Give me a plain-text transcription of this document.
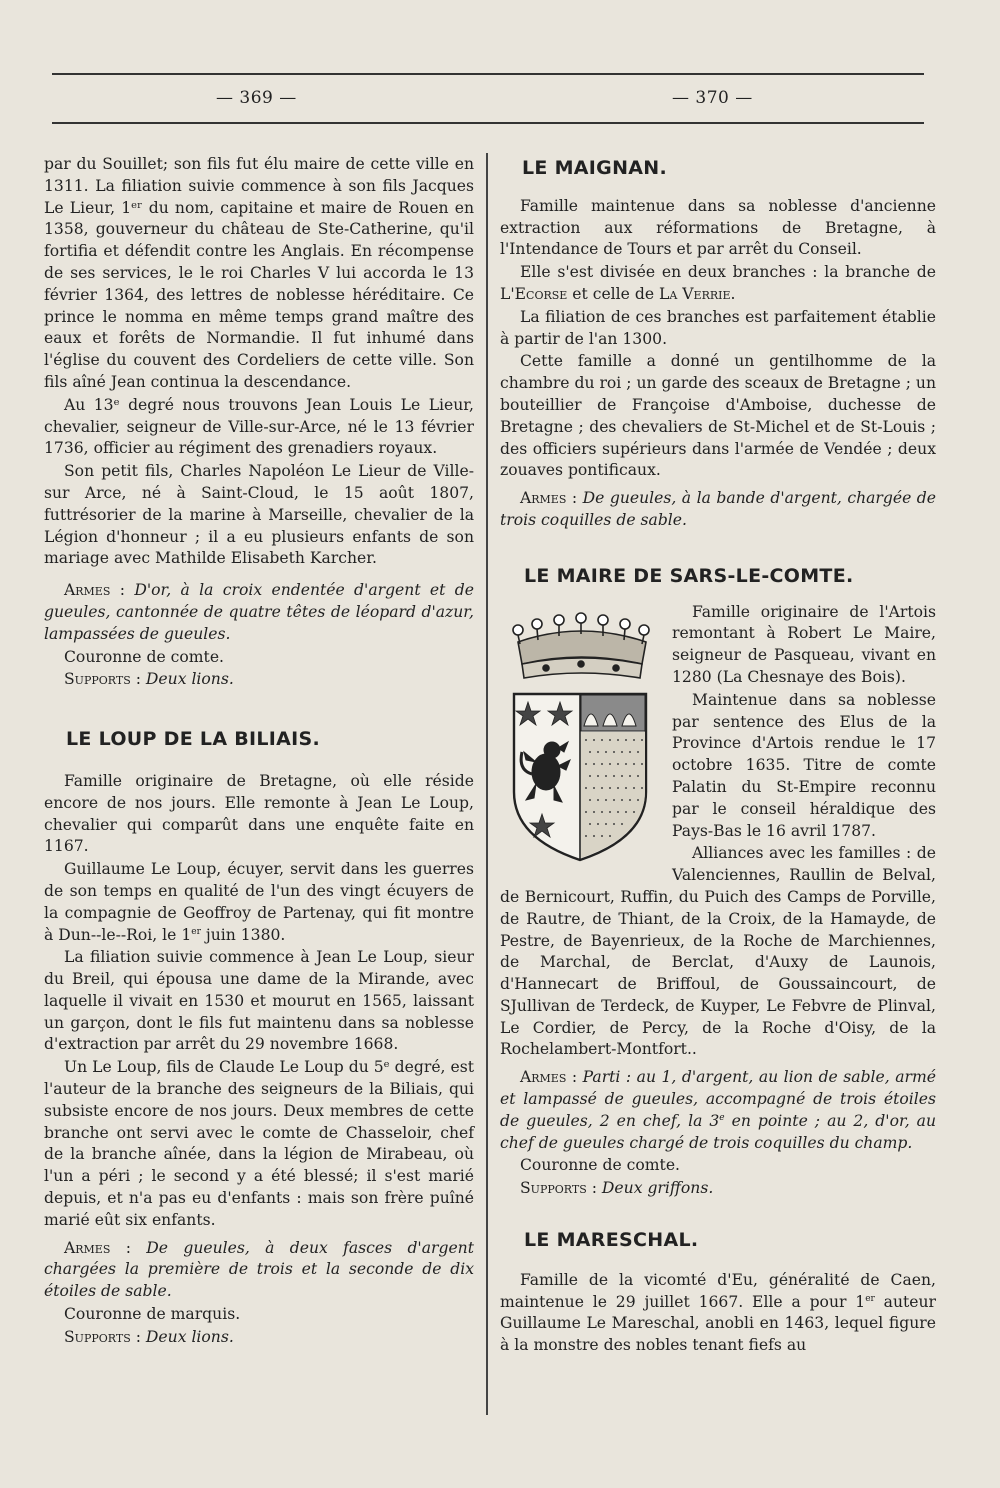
— 369 —	— 370 —

par du Souillet; son fils fut élu maire de cette ville en 1311. La filiation suivie commence à son fils Jacques Le Lieur, 1ᵉʳ du nom, capitaine et maire de Rouen en 1358, gouverneur du château de Ste-Catherine, qu'il fortifia et défendit contre les Anglais. En récompense de ses services, le le roi Charles V lui accorda le 13 février 1364, des lettres de noblesse héréditaire. Ce prince le nomma en même temps grand maître des eaux et forêts de Normandie. Il fut inhumé dans l'église du couvent des Cordeliers de cette ville. Son fils aîné Jean continua la descendance.

Au 13ᵉ degré nous trouvons Jean Louis Le Lieur, chevalier, seigneur de Ville-sur-Arce, né le 13 février 1736, officier au régiment des grenadiers royaux.

Son petit fils, Charles Napoléon Le Lieur de Ville-sur Arce, né à Saint-Cloud, le 15 août 1807, futtrésorier de la marine à Marseille, chevalier de la Légion d'honneur ; il a eu plusieurs enfants de son mariage avec Mathilde Elisabeth Karcher.

Armes : D'or, à la croix endentée d'argent et de gueules, cantonnée de quatre têtes de léopard d'azur, lampassées de gueules.

Couronne de comte.

Supports : Deux lions.

LE LOUP DE LA BILIAIS.

Famille originaire de Bretagne, où elle réside encore de nos jours. Elle remonte à Jean Le Loup, chevalier qui comparût dans une enquête faite en 1167.

Guillaume Le Loup, écuyer, servit dans les guerres de son temps en qualité de l'un des vingt écuyers de la compagnie de Geoffroy de Partenay, qui fit montre à Dun--le--Roi, le 1er juin 1380.

La filiation suivie commence à Jean Le Loup, sieur du Breil, qui épousa une dame de la Mirande, avec laquelle il vivait en 1530 et mourut en 1565, laissant un garçon, dont le fils fut maintenu dans sa noblesse d'extraction par arrêt du 29 novembre 1668.

Un Le Loup, fils de Claude Le Loup du 5ᵉ degré, est l'auteur de la branche des seigneurs de la Biliais, qui subsiste encore de nos jours. Deux membres de cette branche ont servi avec le comte de Chasseloir, chef de la branche aînée, dans la légion de Mirabeau, où l'un a péri ; le second y a été blessé; il s'est marié depuis, et n'a pas eu d'enfants : mais son frère puîné marié eût six enfants.

Armes : De gueules, à deux fasces d'argent chargées la première de trois et la seconde de dix étoiles de sable.

Couronne de marquis.

Supports : Deux lions.

LE MAIGNAN.

Famille maintenue dans sa noblesse d'ancienne extraction aux réformations de Bretagne, à l'Intendance de Tours et par arrêt du Conseil.

Elle s'est divisée en deux branches : la branche de L'Ecorse et celle de La Verrie.

La filiation de ces branches est parfaitement établie à partir de l'an 1300.

Cette famille a donné un gentilhomme de la chambre du roi ; un garde des sceaux de Bretagne ; un bouteillier de Françoise d'Amboise, duchesse de Bretagne ; des chevaliers de St-Michel et de St-Louis ; des officiers supérieurs dans l'armée de Vendée ; deux zouaves pontificaux.

Armes : De gueules, à la bande d'argent, chargée de trois coquilles de sable.

LE MAIRE DE SARS-LE-COMTE.

Famille originaire de l'Artois remontant à Robert Le Maire, seigneur de Pasqueau, vivant en 1280 (La Chesnaye des Bois).

Maintenue dans sa noblesse par sentence des Elus de la Province d'Artois rendue le 17 octobre 1635. Titre de comte Palatin du St-Empire reconnu par le conseil héraldique des Pays-Bas le 16 avril 1787.

Alliances avec les familles : de Valenciennes, Raullin de Belval, de Bernicourt, Ruffin, du Puich des Camps de Porville, de Rautre, de Thiant, de la Croix, de la Hamayde, de Pestre, de Bayenrieux, de la Roche de Marchiennes, de Marchal, de Berclat, d'Auxy de Launois, d'Hannecart de Briffoul, de Goussaincourt, de SJullivan de Terdeck, de Kuyper, Le Febvre de Plinval, Le Cordier, de Percy, de la Roche d'Oisy, de la Rochelambert-Montfort..

Armes : Parti : au 1, d'argent, au lion de sable, armé et lampassé de gueules, accompagné de trois étoiles de gueules, 2 en chef, la 3e en pointe ; au 2, d'or, au chef de gueules chargé de trois coquilles du champ.

Couronne de comte.

Supports : Deux griffons.

LE MARESCHAL.

Famille de la vicomté d'Eu, généralité de Caen, maintenue le 29 juillet 1667. Elle a pour 1er auteur Guillaume Le Mareschal, anobli en 1463, lequel figure à la monstre des nobles tenant fiefs au
